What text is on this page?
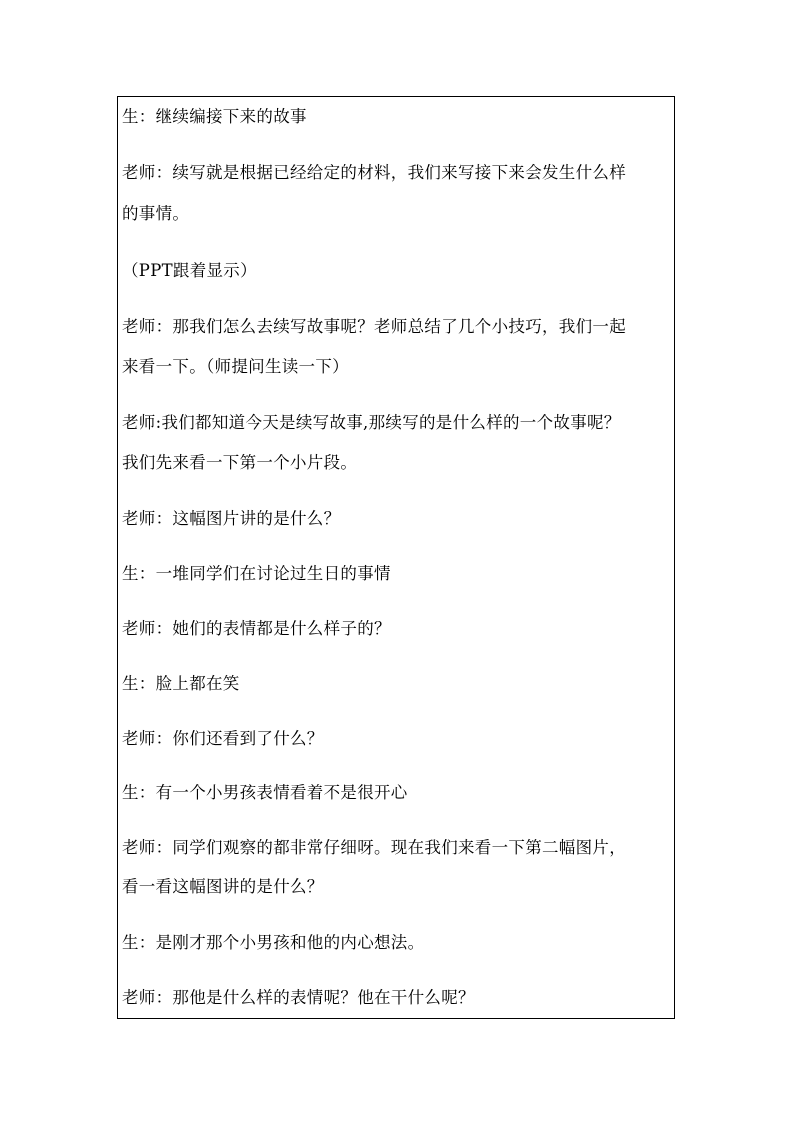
生：继续编接下来的故事
老师：续写就是根据已经给定的材料，我们来写接下来会发生什么样
的事情。
（PPT跟着显示）
老师：那我们怎么去续写故事呢？老师总结了几个小技巧，我们一起
来看一下。（师提问生读一下）
老师:我们都知道今天是续写故事,那续写的是什么样的一个故事呢？
我们先来看一下第一个小片段。
老师：这幅图片讲的是什么？
生：一堆同学们在讨论过生日的事情
老师：她们的表情都是什么样子的？
生：脸上都在笑
老师：你们还看到了什么？
生：有一个小男孩表情看着不是很开心
老师：同学们观察的都非常仔细呀。现在我们来看一下第二幅图片，
看一看这幅图讲的是什么？
生：是刚才那个小男孩和他的内心想法。
老师：那他是什么样的表情呢？他在干什么呢？
